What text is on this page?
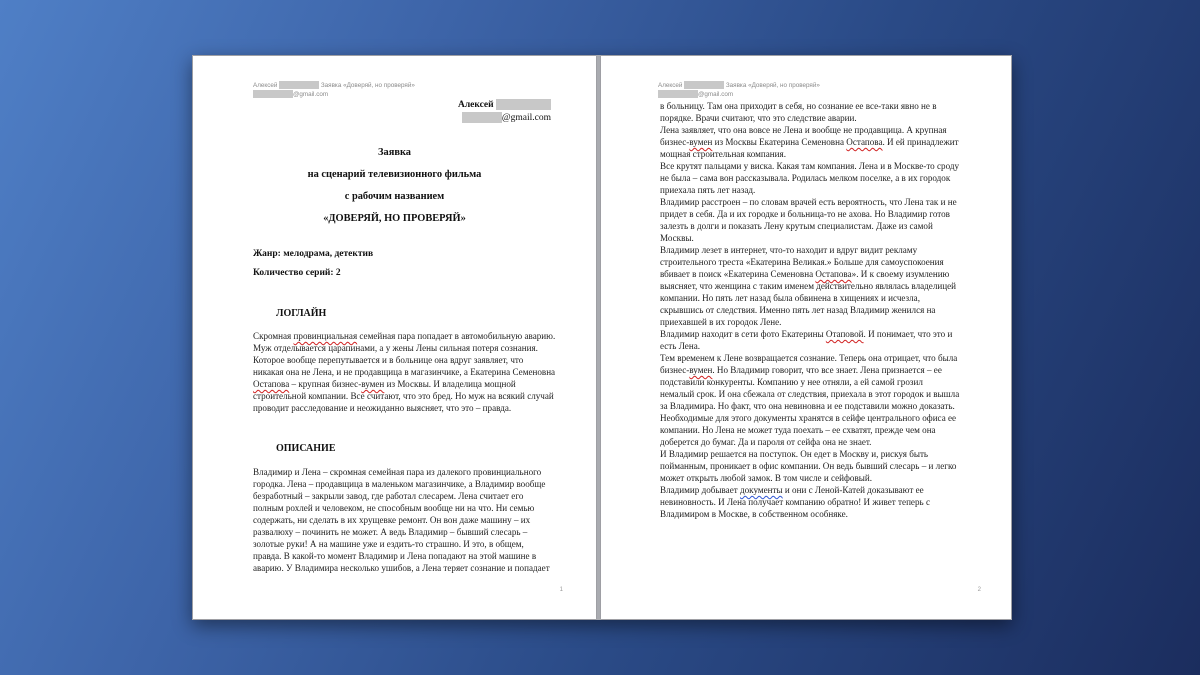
Алексей	Заявка «Доверяй, но проверяй»
@gmail.com
Алексей
@gmail.com
Заявка
на сценарий телевизионного фильма
с рабочим названием
«ДОВЕРЯЙ, НО ПРОВЕРЯЙ»
Жанр: мелодрама, детектив
Количество серий: 2
ЛОГЛАЙН
Скромная провинциальная семейная пара попадает в автомобильную аварию.
Муж отделывается царапинами, а у жены Лены сильная потеря сознания.
Которое вообще перепутывается и в больнице она вдруг заявляет, что
никакая она не Лена, и не продавщица в магазинчике, а Екатерина Семеновна
Остапова – крупная бизнес-вумен из Москвы. И владелица мощной
строительной компании. Все считают, что это бред. Но муж на всякий случай
проводит расследование и неожиданно выясняет, что это – правда.
ОПИСАНИЕ
Владимир и Лена – скромная семейная пара из далекого провинциального
городка. Лена – продавщица в маленьком магазинчике, а Владимир вообще
безработный – закрыли завод, где работал слесарем. Лена считает его
полным рохлей и человеком, не способным вообще ни на что. Ни семью
содержать, ни сделать в их хрущевке ремонт. Он вон даже машину – их
развалюху – починить не может. А ведь Владимир – бывший слесарь –
золотые руки! А на машине уже и ездить-то страшно. И это, в общем,
правда. В какой-то момент Владимир и Лена попадают на этой машине в
аварию. У Владимира несколько ушибов, а Лена теряет сознание и попадает
1
Алексей	Заявка «Доверяй, но проверяй»
@gmail.com
в больницу. Там она приходит в себя, но сознание ее все-таки явно не в
порядке. Врачи считают, что это следствие аварии.
Лена заявляет, что она вовсе не Лена и вообще не продавщица. А крупная
бизнес-вумен из Москвы Екатерина Семеновна Остапова. И ей принадлежит
мощная строительная компания.
Все крутят пальцами у виска. Какая там компания. Лена и в Москве-то сроду
не была – сама вон рассказывала. Родилась мелком поселке, а в их городок
приехала пять лет назад.
Владимир расстроен – по словам врачей есть вероятность, что Лена так и не
придет в себя. Да и их городке и больница-то не ахова. Но Владимир готов
залезть в долги и показать Лену крутым специалистам. Даже из самой
Москвы.
Владимир лезет в интернет, что-то находит и вдруг видит рекламу
строительного треста «Екатерина Великая.» Больше для самоуспокоения
вбивает в поиск «Екатерина Семеновна Остапова». И к своему изумлению
выясняет, что женщина с таким именем действительно являлась владелицей
компании. Но пять лет назад была обвинена в хищениях и исчезла,
скрывшись от следствия. Именно пять лет назад Владимир женился на
приехавшей в их городок Лене.
Владимир находит в сети фото Екатерины Отаповой. И понимает, что это и
есть Лена.
Тем временем к Лене возвращается сознание. Теперь она отрицает, что была
бизнес-вумен. Но Владимир говорит, что все знает. Лена признается – ее
подставили конкуренты. Компанию у нее отняли, а ей самой грозил
немалый срок. И она сбежала от следствия, приехала в этот городок и вышла
за Владимира. Но факт, что она невиновна и ее подставили можно доказать.
Необходимые для этого документы хранятся в сейфе центрального офиса ее
компании. Но Лена не может туда поехать – ее схватят, прежде чем она
доберется до бумаг. Да и пароля от сейфа она не знает.
И Владимир решается на поступок. Он едет в Москву и, рискуя быть
пойманным, проникает в офис компании. Он ведь бывший слесарь – и легко
может открыть любой замок. В том числе и сейфовый.
Владимир добывает документы и они с Леной-Катей доказывают ее
невиновность. И Лена получает компанию обратно! И живет теперь с
Владимиром в Москве, в собственном особняке.
2
